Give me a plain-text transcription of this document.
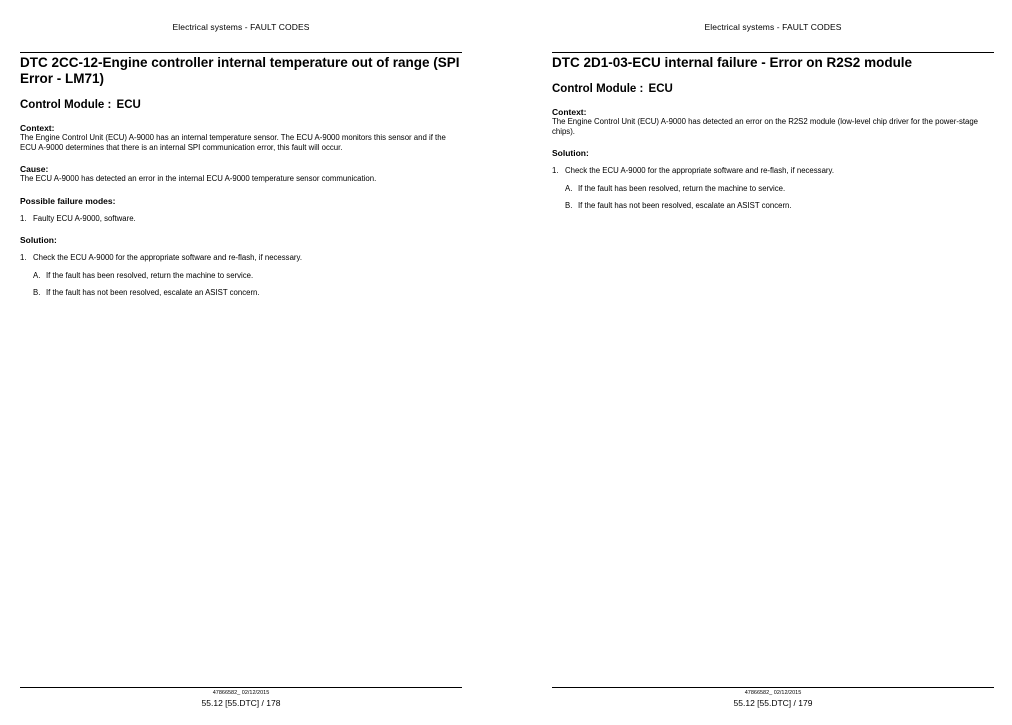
Electrical systems - FAULT CODES
DTC 2CC-12-Engine controller internal temperature out of range (SPI Error - LM71)
Control Module : ECU
Context:
The Engine Control Unit (ECU) A-9000 has an internal temperature sensor. The ECU A-9000 monitors this sensor and if the ECU A-9000 determines that there is an internal SPI communication error, this fault will occur.
Cause:
The ECU A-9000 has detected an error in the internal ECU A-9000 temperature sensor communication.
Possible failure modes:
1. Faulty ECU A-9000, software.
Solution:
1. Check the ECU A-9000 for the appropriate software and re-flash, if necessary.
A. If the fault has been resolved, return the machine to service.
B. If the fault has not been resolved, escalate an ASIST concern.
47866582_ 02/12/2015
55.12 [55.DTC] / 178
Electrical systems - FAULT CODES
DTC 2D1-03-ECU internal failure - Error on R2S2 module
Control Module : ECU
Context:
The Engine Control Unit (ECU) A-9000 has detected an error on the R2S2 module (low-level chip driver for the power-stage chips).
Solution:
1. Check the ECU A-9000 for the appropriate software and re-flash, if necessary.
A. If the fault has been resolved, return the machine to service.
B. If the fault has not been resolved, escalate an ASIST concern.
47866582_ 02/12/2015
55.12 [55.DTC] / 179
